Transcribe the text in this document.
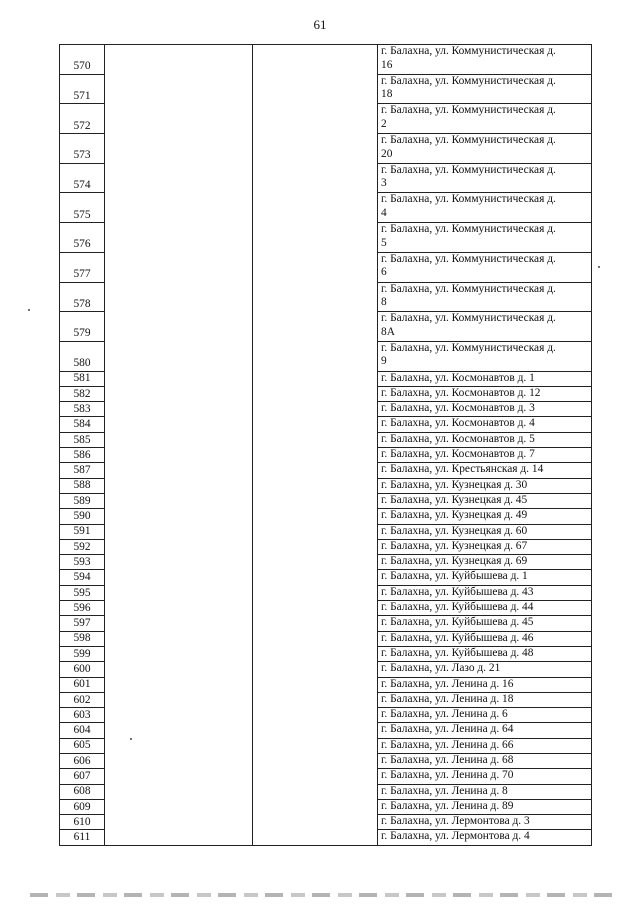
61
570			г. Балахна, ул. Коммунистическая д.
16

571			г. Балахна, ул. Коммунистическая д.
18

572			г. Балахна, ул. Коммунистическая д.
2

573			г. Балахна, ул. Коммунистическая д.
20

574			г. Балахна, ул. Коммунистическая д.
3

575			г. Балахна, ул. Коммунистическая д.
4

576			г. Балахна, ул. Коммунистическая д.
5

577			г. Балахна, ул. Коммунистическая д.
6

578			г. Балахна, ул. Коммунистическая д.
8

579			г. Балахна, ул. Коммунистическая д.
8А

580			г. Балахна, ул. Коммунистическая д.
9

581			г. Балахна, ул. Космонавтов д. 1
582			г. Балахна, ул. Космонавтов д. 12
583			г. Балахна, ул. Космонавтов д. 3
584			г. Балахна, ул. Космонавтов д. 4
585			г. Балахна, ул. Космонавтов д. 5
586			г. Балахна, ул. Космонавтов д. 7
587			г. Балахна, ул. Крестьянская д. 14
588			г. Балахна, ул. Кузнецкая д. 30
589			г. Балахна, ул. Кузнецкая д. 45
590			г. Балахна, ул. Кузнецкая д. 49
591			г. Балахна, ул. Кузнецкая д. 60
592			г. Балахна, ул. Кузнецкая д. 67
593			г. Балахна, ул. Кузнецкая д. 69
594			г. Балахна, ул. Куйбышева д. 1
595			г. Балахна, ул. Куйбышева д. 43
596			г. Балахна, ул. Куйбышева д. 44
597			г. Балахна, ул. Куйбышева д. 45
598			г. Балахна, ул. Куйбышева д. 46
599			г. Балахна, ул. Куйбышева д. 48
600			г. Балахна, ул. Лазо д. 21
601			г. Балахна, ул. Ленина д. 16
602			г. Балахна, ул. Ленина д. 18
603			г. Балахна, ул. Ленина д. 6
604			г. Балахна, ул. Ленина д. 64
605			г. Балахна, ул. Ленина д. 66
606			г. Балахна, ул. Ленина д. 68
607			г. Балахна, ул. Ленина д. 70
608			г. Балахна, ул. Ленина д. 8
609			г. Балахна, ул. Ленина д. 89
610			г. Балахна, ул. Лермонтова д. 3
611			г. Балахна, ул. Лермонтова д. 4
